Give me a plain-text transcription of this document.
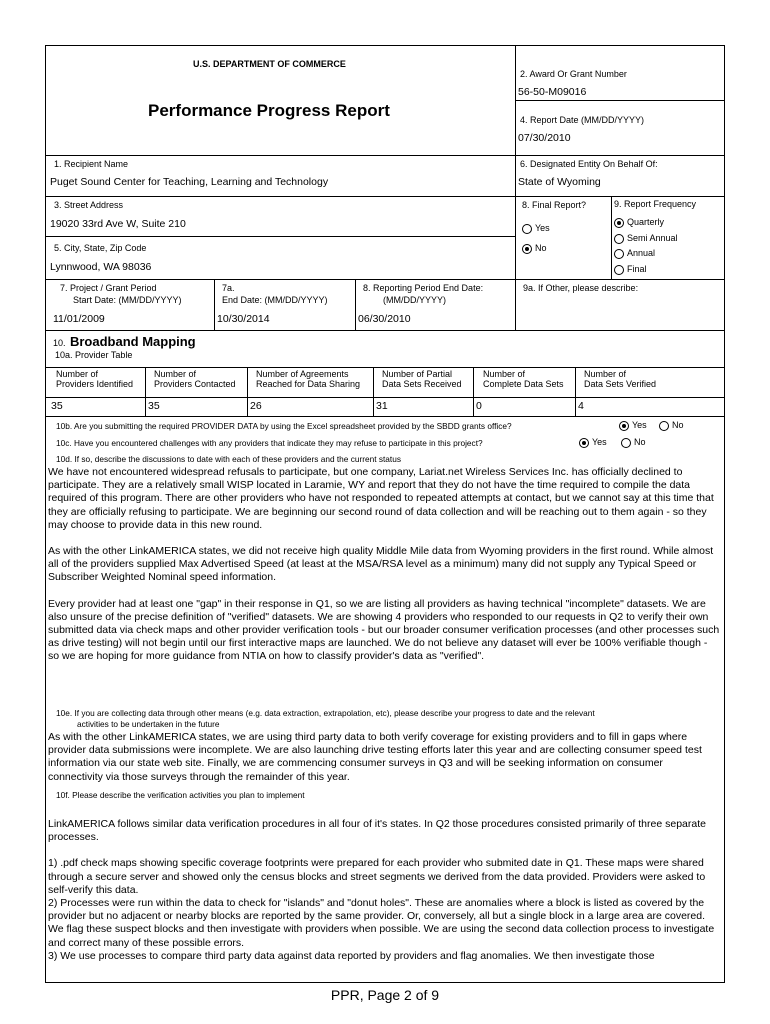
U.S. DEPARTMENT OF COMMERCE
Performance Progress Report
2. Award Or Grant Number
56-50-M09016
4. Report Date (MM/DD/YYYY)
07/30/2010
1. Recipient Name
Puget Sound Center for Teaching, Learning and Technology
6. Designated Entity On Behalf Of:
State of Wyoming
3. Street Address
19020 33rd Ave W, Suite 210
5. City, State, Zip Code
Lynnwood, WA 98036
8. Final Report?
Yes
No
9. Report Frequency
Quarterly
Semi Annual
Annual
Final
7. Project / Grant Period
Start Date: (MM/DD/YYYY)
11/01/2009
7a.
End Date: (MM/DD/YYYY)
10/30/2014
8. Reporting Period End Date:
(MM/DD/YYYY)
06/30/2010
9a. If Other, please describe:
10. Broadband Mapping
10a. Provider Table
Number of
Providers Identified
Number of
Providers Contacted
Number of Agreements
Reached for Data Sharing
Number of Partial
Data Sets Received
Number of
Complete Data Sets
Number of
Data Sets Verified
35	35	26	31	0	4
10b. Are you submitting the required PROVIDER DATA by using the Excel spreadsheet provided by the SBDD grants office?	Yes	No
10c. Have you encountered challenges with any providers that indicate they may refuse to participate in this project?	Yes	No
10d. If so, describe the discussions to date with each of these providers and the current status

We have not encountered widespread refusals to participate, but one company, Lariat.net Wireless Services Inc. has officially declined to participate. They are a relatively small WISP located in Laramie, WY and report that they do not have the time required to compile the data required of this program. There are other providers who have not responded to repeated attempts at contact, but we cannot say at this time that they are officially refusing to participate. We are beginning our second round of data collection and will be reaching out to them again - so they may choose to provide data in this new round.

As with the other LinkAMERICA states, we did not receive high quality Middle Mile data from Wyoming providers in the first round. While almost all of the providers supplied Max Advertised Speed (at least at the MSA/RSA level as a minimum) many did not supply any Typical Speed or Subscriber Weighted Nominal speed information.

Every provider had at least one "gap" in their response in Q1, so we are listing all providers as having technical "incomplete" datasets. We are also unsure of the precise definition of "verified" datasets. We are showing 4 providers who responded to our requests in Q2 to verify their own submitted data via check maps and other provider verification tools - but our broader consumer verification processes (and other processes such as drive testing) will not begin until our first interactive maps are launched. We do not believe any dataset will ever be 100% verifiable though - so we are hoping for more guidance from NTIA on how to classify provider's data as "verified".

10e. If you are collecting data through other means (e.g. data extraction, extrapolation, etc), please describe your progress to date and the relevant
activities to be undertaken in the future

As with the other LinkAMERICA states, we are using third party data to both verify coverage for existing providers and to fill in gaps where provider data submissions were incomplete. We are also launching drive testing efforts later this year and are collecting consumer speed test information via our state web site. Finally, we are commencing consumer surveys in Q3 and will be seeking information on consumer connectivity via those surveys through the remainder of this year.

10f. Please describe the verification activities you plan to implement

LinkAMERICA follows similar data verification procedures in all four of it's states. In Q2 those procedures consisted primarily of three separate processes.

1) .pdf check maps showing specific coverage footprints were prepared for each provider who submited date in Q1. These maps were shared through a secure server and showed only the census blocks and street segments we derived from the data provided. Providers were asked to self-verify this data.

2) Processes were run within the data to check for "islands" and "donut holes". These are anomalies where a block is listed as covered by the provider but no adjacent or nearby blocks are reported by the same provider. Or, conversely, all but a single block in a large area are covered. We flag these suspect blocks and then investigate with providers when possible. We are using the second data collection process to investigate and correct many of these possible errors.

3) We use processes to compare third party data against data reported by providers and flag anomalies. We then investigate those

PPR, Page 2 of 9
